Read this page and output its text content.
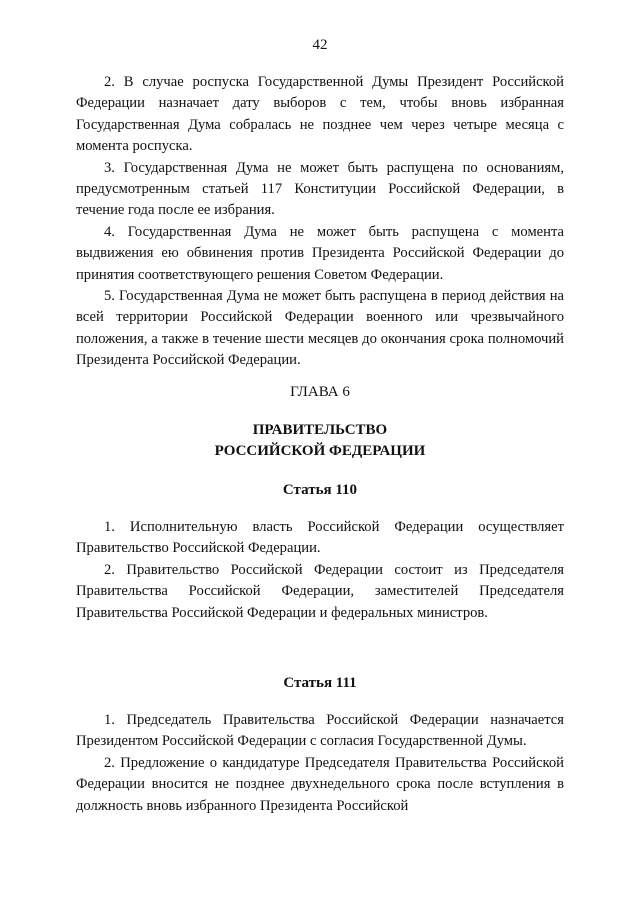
42

2. В случае роспуска Государственной Думы Президент Российской Федерации назначает дату выборов с тем, чтобы вновь избранная Государственная Дума собралась не позднее чем через четыре месяца с момента роспуска.

3. Государственная Дума не может быть распущена по основаниям, предусмотренным статьей 117 Конституции Российской Федерации, в течение года после ее избрания.

4. Государственная Дума не может быть распущена с момента выдвижения ею обвинения против Президента Российской Федерации до принятия соответствующего решения Советом Федерации.

5. Государственная Дума не может быть распущена в период действия на всей территории Российской Федерации военного или чрезвычайного положения, а также в течение шести месяцев до окончания срока полномочий Президента Российской Федерации.

ГЛАВА 6
ПРАВИТЕЛЬСТВО
РОССИЙСКОЙ ФЕДЕРАЦИИ
Статья 110

1. Исполнительную власть Российской Федерации осуществляет Правительство Российской Федерации.

2. Правительство Российской Федерации состоит из Председателя Правительства Российской Федерации, заместителей Председателя Правительства Российской Федерации и федеральных министров.

Статья 111

1. Председатель Правительства Российской Федерации назначается Президентом Российской Федерации с согласия Государственной Думы.

2. Предложение о кандидатуре Председателя Правительства Российской Федерации вносится не позднее двухнедельного срока после вступления в должность вновь избранного Президента Российской
